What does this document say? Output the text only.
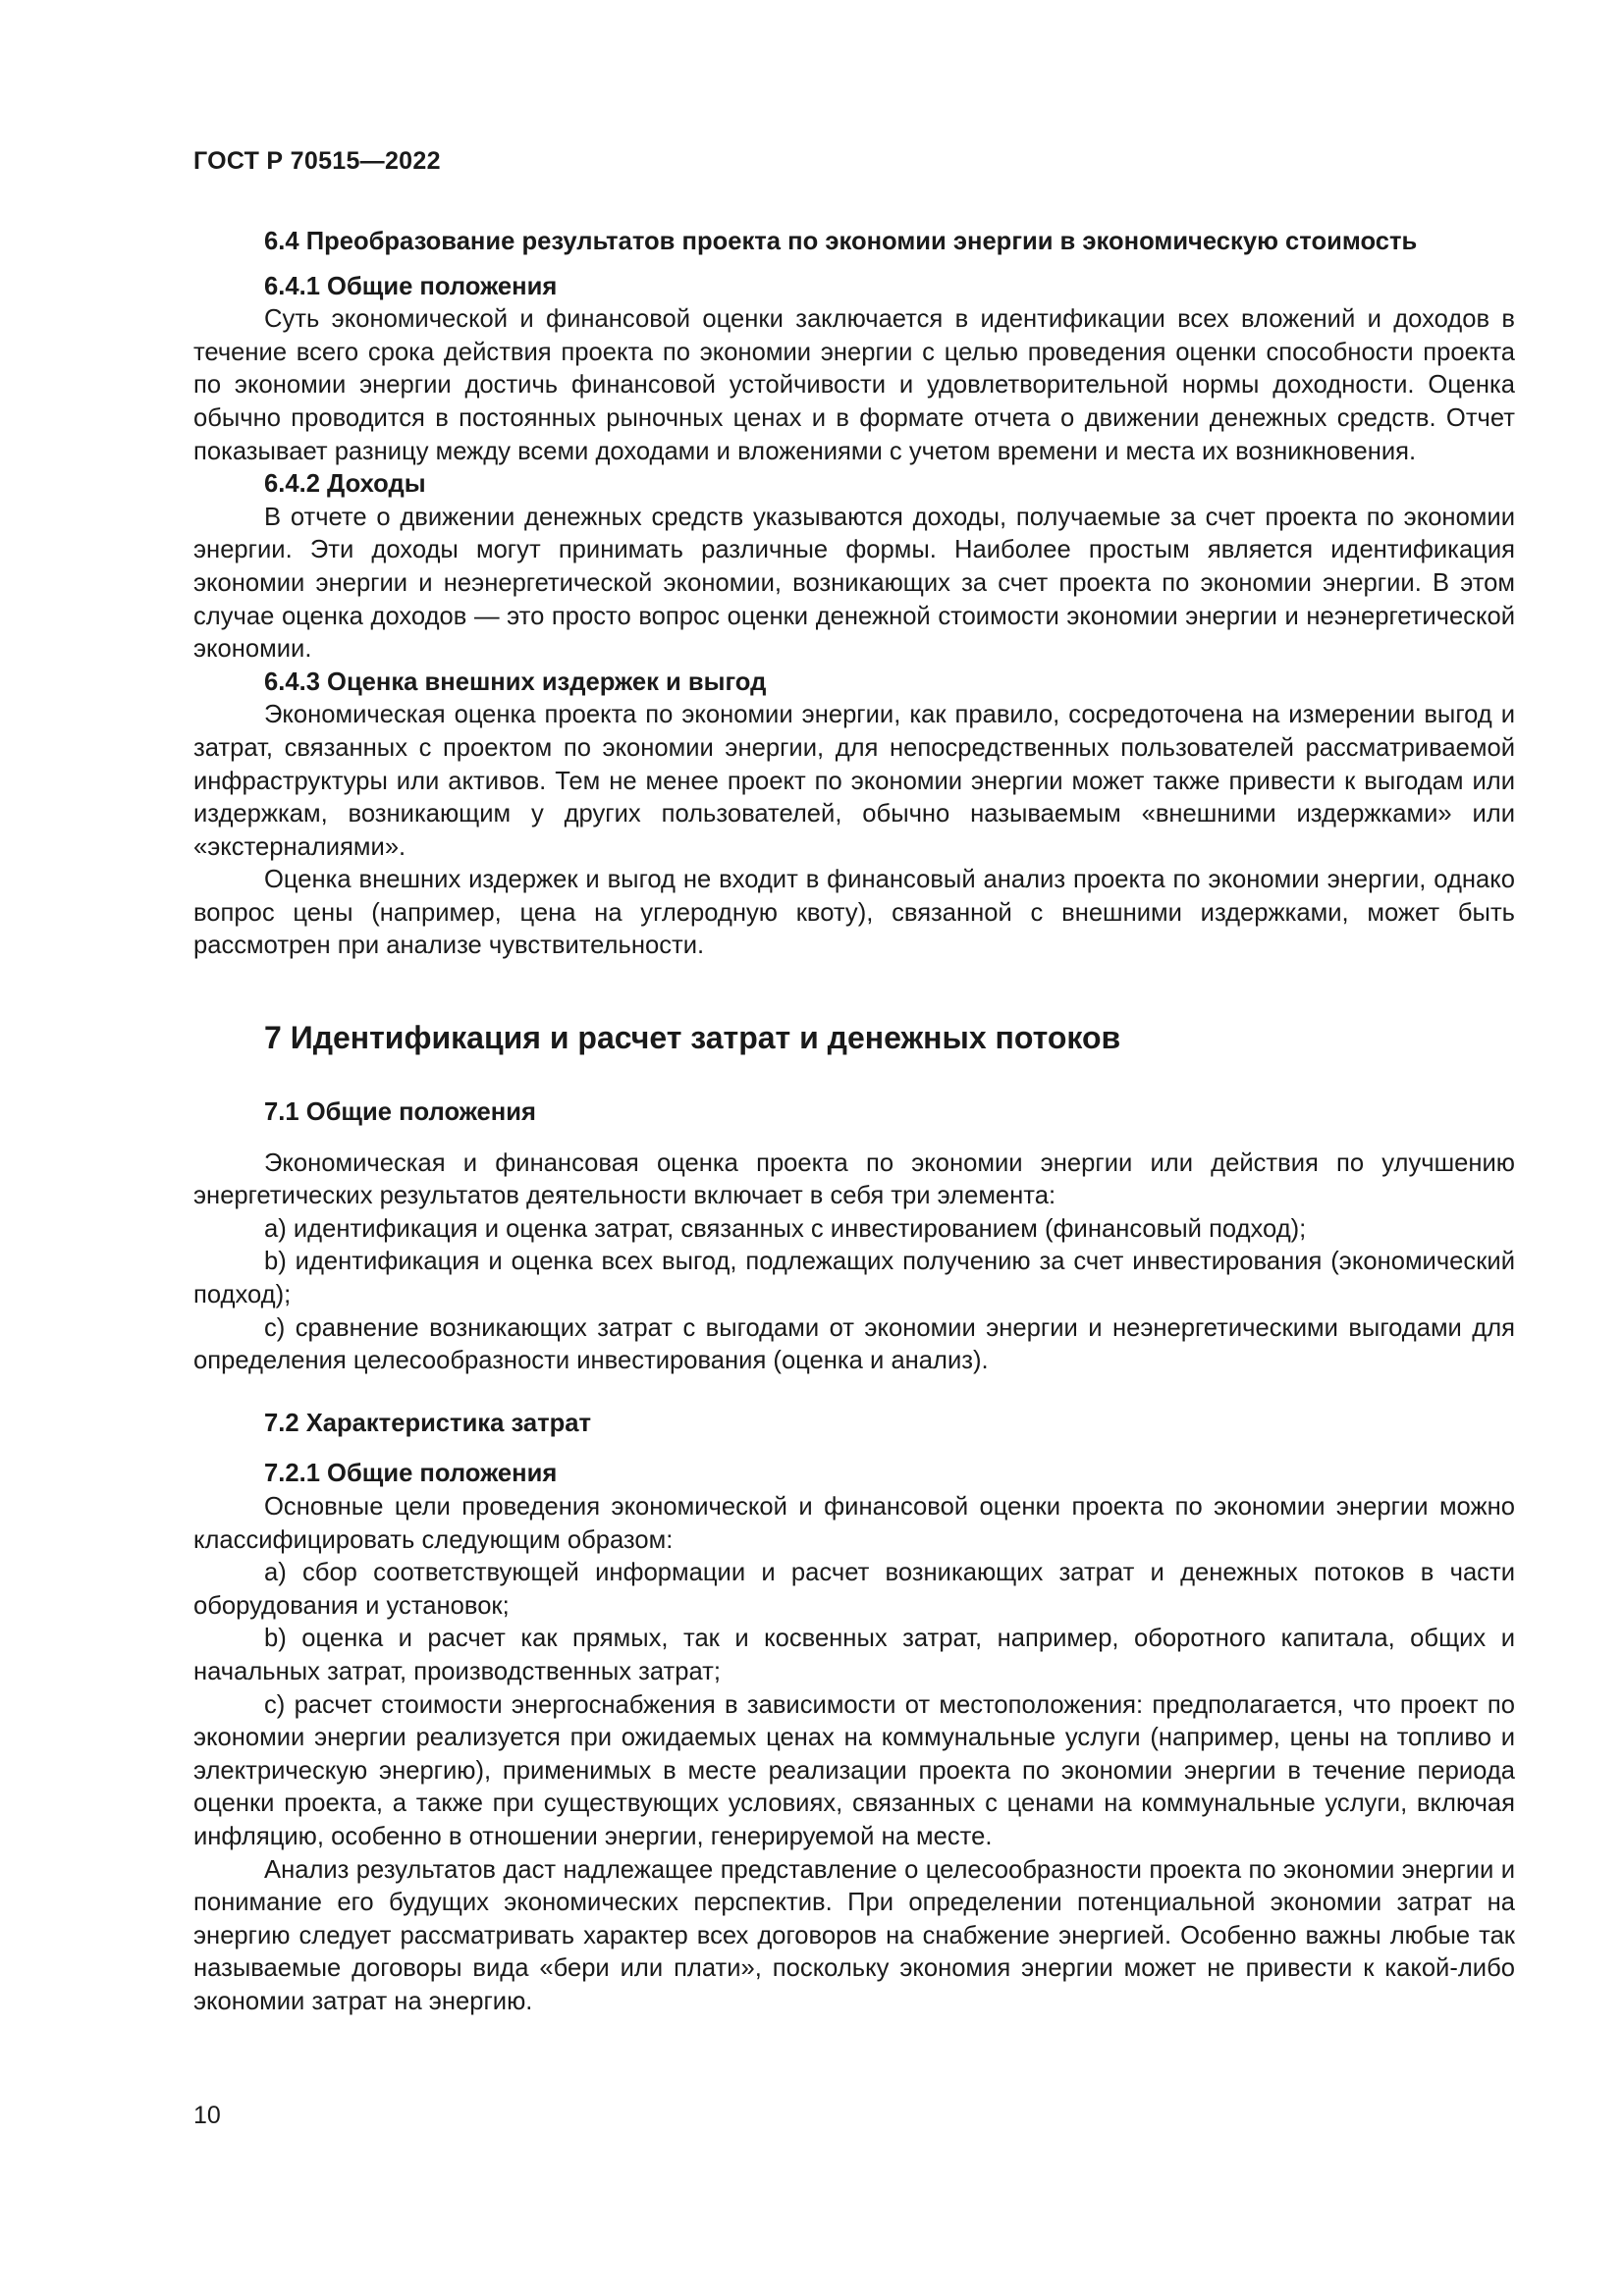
ГОСТ Р 70515—2022
6.4 Преобразование результатов проекта по экономии энергии в экономическую стоимость
6.4.1 Общие положения

Суть экономической и финансовой оценки заключается в идентификации всех вложений и доходов в течение всего срока действия проекта по экономии энергии с целью проведения оценки способности проекта по экономии энергии достичь финансовой устойчивости и удовлетворительной нормы доходности. Оценка обычно проводится в постоянных рыночных ценах и в формате отчета о движении денежных средств. Отчет показывает разницу между всеми доходами и вложениями с учетом времени и места их возникновения.

6.4.2 Доходы

В отчете о движении денежных средств указываются доходы, получаемые за счет проекта по экономии энергии. Эти доходы могут принимать различные формы. Наиболее простым является идентификация экономии энергии и неэнергетической экономии, возникающих за счет проекта по экономии энергии. В этом случае оценка доходов — это просто вопрос оценки денежной стоимости экономии энергии и неэнергетической экономии.

6.4.3 Оценка внешних издержек и выгод

Экономическая оценка проекта по экономии энергии, как правило, сосредоточена на измерении выгод и затрат, связанных с проектом по экономии энергии, для непосредственных пользователей рассматриваемой инфраструктуры или активов. Тем не менее проект по экономии энергии может также привести к выгодам или издержкам, возникающим у других пользователей, обычно называемым «внешними издержками» или «экстерналиями».

Оценка внешних издержек и выгод не входит в финансовый анализ проекта по экономии энергии, однако вопрос цены (например, цена на углеродную квоту), связанной с внешними издержками, может быть рассмотрен при анализе чувствительности.

7 Идентификация и расчет затрат и денежных потоков
7.1 Общие положения

Экономическая и финансовая оценка проекта по экономии энергии или действия по улучшению энергетических результатов деятельности включает в себя три элемента:

а) идентификация и оценка затрат, связанных с инвестированием (финансовый подход);

b) идентификация и оценка всех выгод, подлежащих получению за счет инвестирования (экономический подход);

c) сравнение возникающих затрат с выгодами от экономии энергии и неэнергетическими выгодами для определения целесообразности инвестирования (оценка и анализ).

7.2 Характеристика затрат
7.2.1 Общие положения

Основные цели проведения экономической и финансовой оценки проекта по экономии энергии можно классифицировать следующим образом:

а) сбор соответствующей информации и расчет возникающих затрат и денежных потоков в части оборудования и установок;

b) оценка и расчет как прямых, так и косвенных затрат, например, оборотного капитала, общих и начальных затрат, производственных затрат;

c) расчет стоимости энергоснабжения в зависимости от местоположения: предполагается, что проект по экономии энергии реализуется при ожидаемых ценах на коммунальные услуги (например, цены на топливо и электрическую энергию), применимых в месте реализации проекта по экономии энергии в течение периода оценки проекта, а также при существующих условиях, связанных с ценами на коммунальные услуги, включая инфляцию, особенно в отношении энергии, генерируемой на месте.

Анализ результатов даст надлежащее представление о целесообразности проекта по экономии энергии и понимание его будущих экономических перспектив. При определении потенциальной экономии затрат на энергию следует рассматривать характер всех договоров на снабжение энергией. Особенно важны любые так называемые договоры вида «бери или плати», поскольку экономия энергии может не привести к какой-либо экономии затрат на энергию.

10
